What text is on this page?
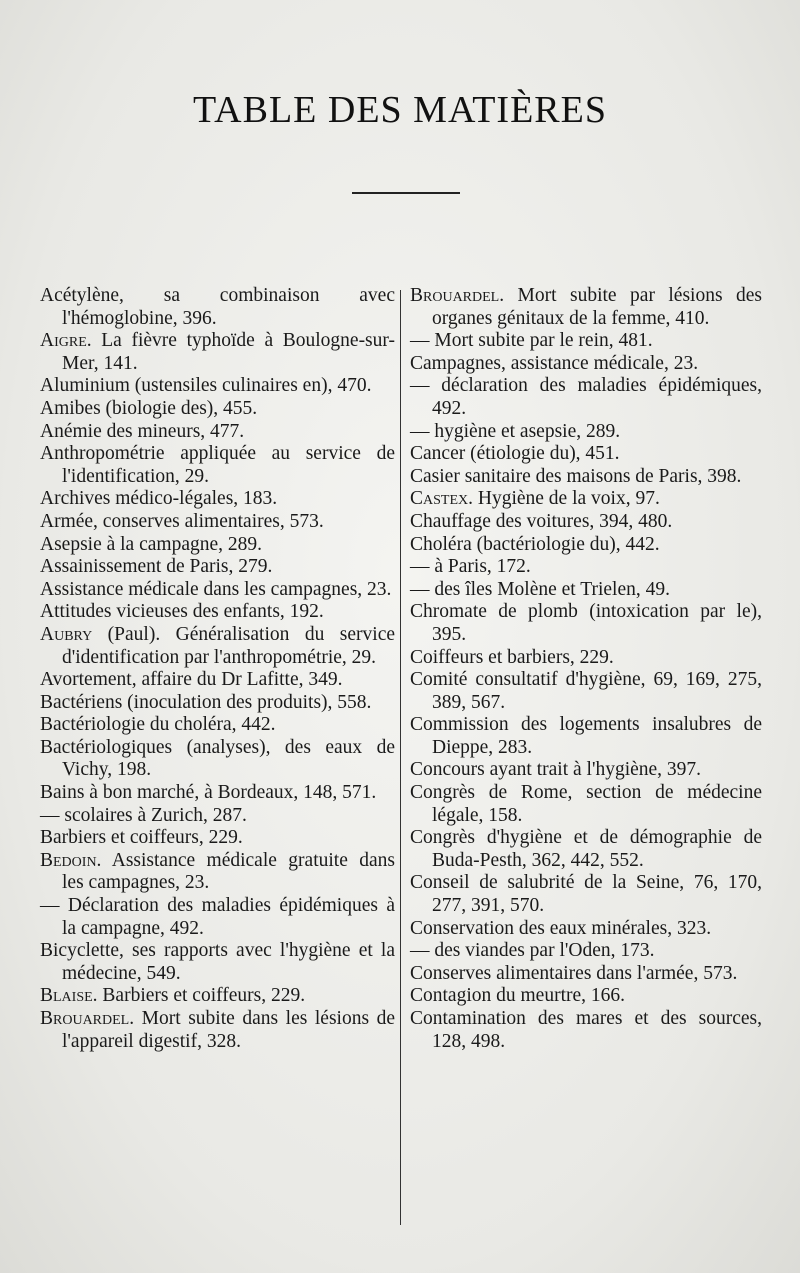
TABLE DES MATIÈRES

Acétylène, sa combinaison avec l'hémoglobine, 396.

Aigre. La fièvre typhoïde à Boulogne-sur-Mer, 141.

Aluminium (ustensiles culinaires en), 470.

Amibes (biologie des), 455.

Anémie des mineurs, 477.

Anthropométrie appliquée au service de l'identification, 29.

Archives médico-légales, 183.

Armée, conserves alimentaires, 573.

Asepsie à la campagne, 289.

Assainissement de Paris, 279.

Assistance médicale dans les campagnes, 23.

Attitudes vicieuses des enfants, 192.

Aubry (Paul). Généralisation du service d'identification par l'anthropométrie, 29.

Avortement, affaire du Dr Lafitte, 349.

Bactériens (inoculation des produits), 558.

Bactériologie du choléra, 442.

Bactériologiques (analyses), des eaux de Vichy, 198.

Bains à bon marché, à Bordeaux, 148, 571.

— scolaires à Zurich, 287.

Barbiers et coiffeurs, 229.

Bedoin. Assistance médicale gratuite dans les campagnes, 23.

— Déclaration des maladies épidémiques à la campagne, 492.

Bicyclette, ses rapports avec l'hygiène et la médecine, 549.

Blaise. Barbiers et coiffeurs, 229.

Brouardel. Mort subite dans les lésions de l'appareil digestif, 328.

Brouardel. Mort subite par lésions des organes génitaux de la femme, 410.

— Mort subite par le rein, 481.

Campagnes, assistance médicale, 23.

— déclaration des maladies épidémiques, 492.

— hygiène et asepsie, 289.

Cancer (étiologie du), 451.

Casier sanitaire des maisons de Paris, 398.

Castex. Hygiène de la voix, 97.

Chauffage des voitures, 394, 480.

Choléra (bactériologie du), 442.

— à Paris, 172.

— des îles Molène et Trielen, 49.

Chromate de plomb (intoxication par le), 395.

Coiffeurs et barbiers, 229.

Comité consultatif d'hygiène, 69, 169, 275, 389, 567.

Commission des logements insalubres de Dieppe, 283.

Concours ayant trait à l'hygiène, 397.

Congrès de Rome, section de médecine légale, 158.

Congrès d'hygiène et de démographie de Buda-Pesth, 362, 442, 552.

Conseil de salubrité de la Seine, 76, 170, 277, 391, 570.

Conservation des eaux minérales, 323.

— des viandes par l'Oden, 173.

Conserves alimentaires dans l'armée, 573.

Contagion du meurtre, 166.

Contamination des mares et des sources, 128, 498.
